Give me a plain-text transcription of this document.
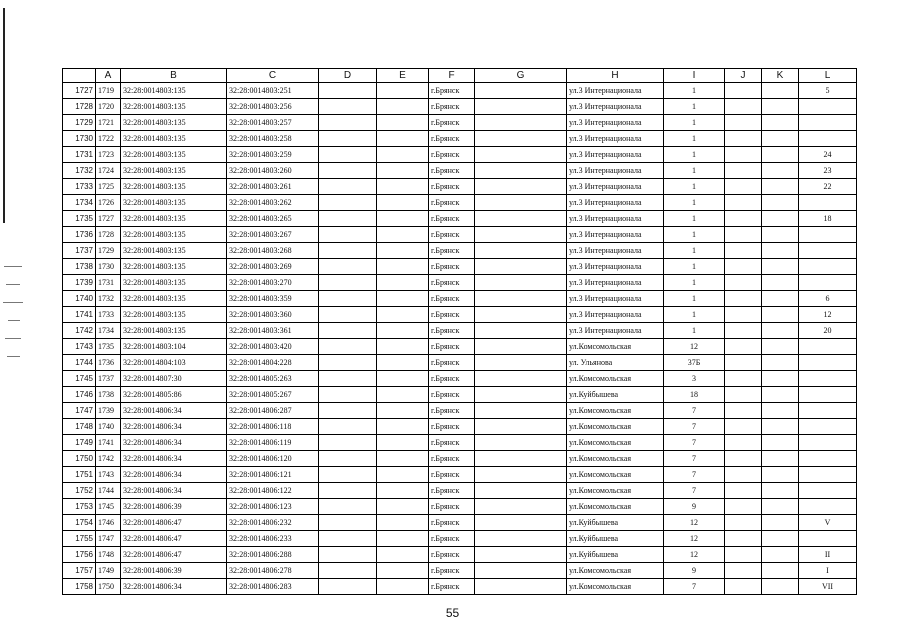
	A	B	C	D	E	F	G	H	I	J	K	L
1727	1719	32:28:0014803:135	32:28:0014803:251			г.Брянск		ул.3 Интернационала	1			5
1728	1720	32:28:0014803:135	32:28:0014803:256			г.Брянск		ул.3 Интернационала	1			
1729	1721	32:28:0014803:135	32:28:0014803:257			г.Брянск		ул.3 Интернационала	1			
1730	1722	32:28:0014803:135	32:28:0014803:258			г.Брянск		ул.3 Интернационала	1			
1731	1723	32:28:0014803:135	32:28:0014803:259			г.Брянск		ул.3 Интернационала	1			24
1732	1724	32:28:0014803:135	32:28:0014803:260			г.Брянск		ул.3 Интернационала	1			23
1733	1725	32:28:0014803:135	32:28:0014803:261			г.Брянск		ул.3 Интернационала	1			22
1734	1726	32:28:0014803:135	32:28:0014803:262			г.Брянск		ул.3 Интернационала	1			
1735	1727	32:28:0014803:135	32:28:0014803:265			г.Брянск		ул.3 Интернационала	1			18
1736	1728	32:28:0014803:135	32:28:0014803:267			г.Брянск		ул.3 Интернационала	1			
1737	1729	32:28:0014803:135	32:28:0014803:268			г.Брянск		ул.3 Интернационала	1			
1738	1730	32:28:0014803:135	32:28:0014803:269			г.Брянск		ул.3 Интернационала	1			
1739	1731	32:28:0014803:135	32:28:0014803:270			г.Брянск		ул.3 Интернационала	1			
1740	1732	32:28:0014803:135	32:28:0014803:359			г.Брянск		ул.3 Интернационала	1			6
1741	1733	32:28:0014803:135	32:28:0014803:360			г.Брянск		ул.3 Интернационала	1			12
1742	1734	32:28:0014803:135	32:28:0014803:361			г.Брянск		ул.3 Интернационала	1			20
1743	1735	32:28:0014803:104	32:28:0014803:420			г.Брянск		ул.Комсомольская	12			
1744	1736	32:28:0014804:103	32:28:0014804:228			г.Брянск		ул. Ульянова	37Б			
1745	1737	32:28:0014807:30	32:28:0014805:263			г.Брянск		ул.Комсомольская	3			
1746	1738	32:28:0014805:86	32:28:0014805:267			г.Брянск		ул.Куйбышева	18			
1747	1739	32:28:0014806:34	32:28:0014806:287			г.Брянск		ул.Комсомольская	7			
1748	1740	32:28:0014806:34	32:28:0014806:118			г.Брянск		ул.Комсомольская	7			
1749	1741	32:28:0014806:34	32:28:0014806:119			г.Брянск		ул.Комсомольская	7			
1750	1742	32:28:0014806:34	32:28:0014806:120			г.Брянск		ул.Комсомольская	7			
1751	1743	32:28:0014806:34	32:28:0014806:121			г.Брянск		ул.Комсомольская	7			
1752	1744	32:28:0014806:34	32:28:0014806:122			г.Брянск		ул.Комсомольская	7			
1753	1745	32:28:0014806:39	32:28:0014806:123			г.Брянск		ул.Комсомольская	9			
1754	1746	32:28:0014806:47	32:28:0014806:232			г.Брянск		ул.Куйбышева	12			V
1755	1747	32:28:0014806:47	32:28:0014806:233			г.Брянск		ул.Куйбышева	12			
1756	1748	32:28:0014806:47	32:28:0014806:288			г.Брянск		ул.Куйбышева	12			II
1757	1749	32:28:0014806:39	32:28:0014806:278			г.Брянск		ул.Комсомольская	9			I
1758	1750	32:28:0014806:34	32:28:0014806:283			г.Брянск		ул.Комсомольская	7			VII
55
